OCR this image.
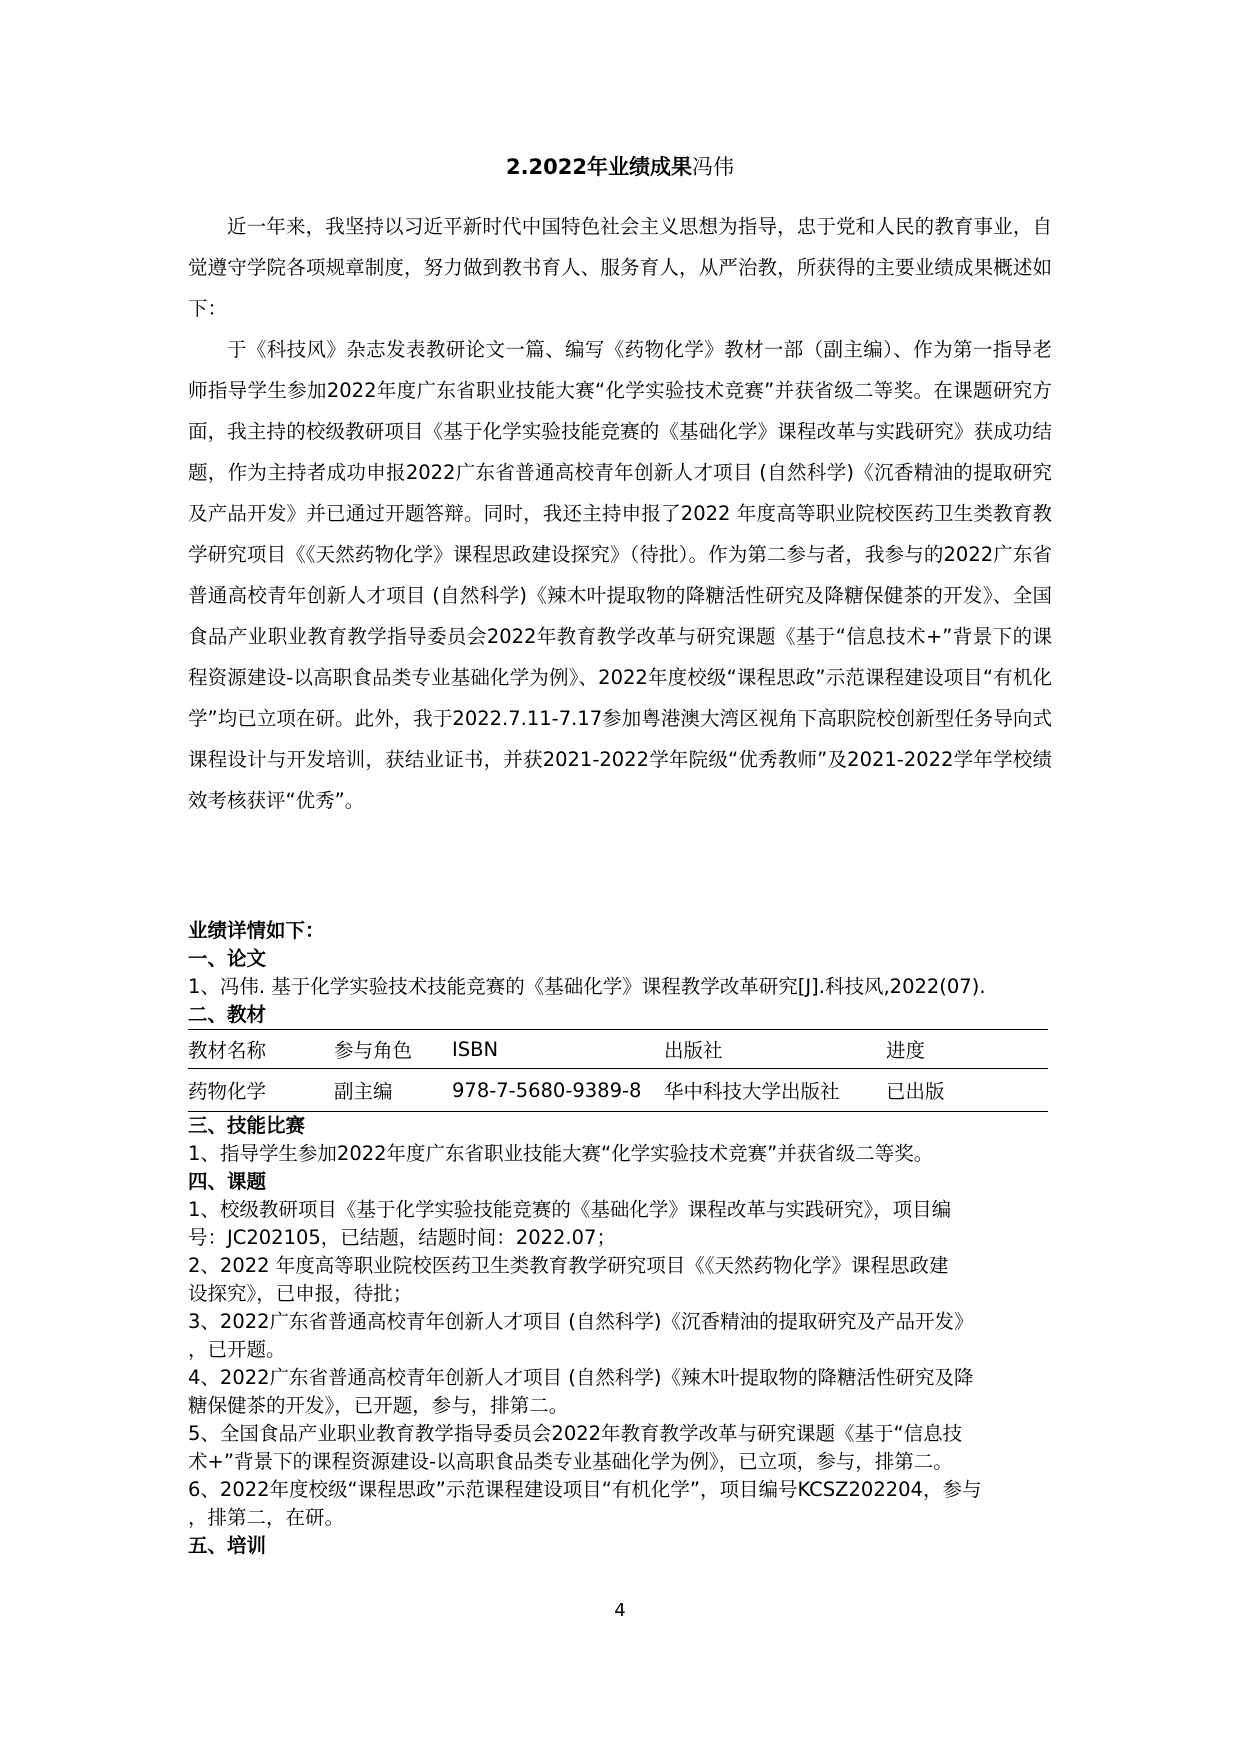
2.2022年业绩成果冯伟

近一年来，我坚持以习近平新时代中国特色社会主义思想为指导，忠于党和人民的教育事业，自觉遵守学院各项规章制度，努力做到教书育人、服务育人，从严治教，所获得的主要业绩成果概述如下：

于《科技风》杂志发表教研论文一篇、编写《药物化学》教材一部（副主编）、作为第一指导老师指导学生参加2022年度广东省职业技能大赛“化学实验技术竞赛”并获省级二等奖。在课题研究方面，我主持的校级教研项目《基于化学实验技能竞赛的《基础化学》课程改革与实践研究》获成功结题，作为主持者成功申报2022广东省普通高校青年创新人才项目 (自然科学)《沉香精油的提取研究及产品开发》并已通过开题答辩。同时，我还主持申报了2022 年度高等职业院校医药卫生类教育教学研究项目《《天然药物化学》课程思政建设探究》（待批）。作为第二参与者，我参与的2022广东省普通高校青年创新人才项目 (自然科学)《辣木叶提取物的降糖活性研究及降糖保健茶的开发》、全国食品产业职业教育教学指导委员会2022年教育教学改革与研究课题《基于“信息技术+”背景下的课程资源建设-以高职食品类专业基础化学为例》、2022年度校级“课程思政”示范课程建设项目“有机化学”均已立项在研。此外，我于2022.7.11-7.17参加粤港澳大湾区视角下高职院校创新型任务导向式课程设计与开发培训，获结业证书，并获2021-2022学年院级“优秀教师”及2021-2022学年学校绩效考核获评“优秀”。

业绩详情如下：
一、论文
1、冯伟. 基于化学实验技术技能竞赛的《基础化学》课程教学改革研究[J].科技风,2022(07).
二、教材
教材名称	参与角色	ISBN	出版社	进度
药物化学	副主编	978-7-5680-9389-8	华中科技大学出版社	已出版
三、技能比赛
1、指导学生参加2022年度广东省职业技能大赛“化学实验技术竞赛”并获省级二等奖。
四、课题
1、校级教研项目《基于化学实验技能竞赛的《基础化学》课程改革与实践研究》，项目编
号：JC202105，已结题，结题时间：2022.07；
2、2022 年度高等职业院校医药卫生类教育教学研究项目《《天然药物化学》课程思政建
设探究》，已申报，待批；
3、2022广东省普通高校青年创新人才项目 (自然科学)《沉香精油的提取研究及产品开发》
，已开题。
4、2022广东省普通高校青年创新人才项目 (自然科学)《辣木叶提取物的降糖活性研究及降
糖保健茶的开发》，已开题，参与，排第二。
5、全国食品产业职业教育教学指导委员会2022年教育教学改革与研究课题《基于“信息技
术+”背景下的课程资源建设-以高职食品类专业基础化学为例》，已立项，参与，排第二。
6、2022年度校级“课程思政”示范课程建设项目“有机化学”，项目编号KCSZ202204，参与
，排第二，在研。
五、培训
4
